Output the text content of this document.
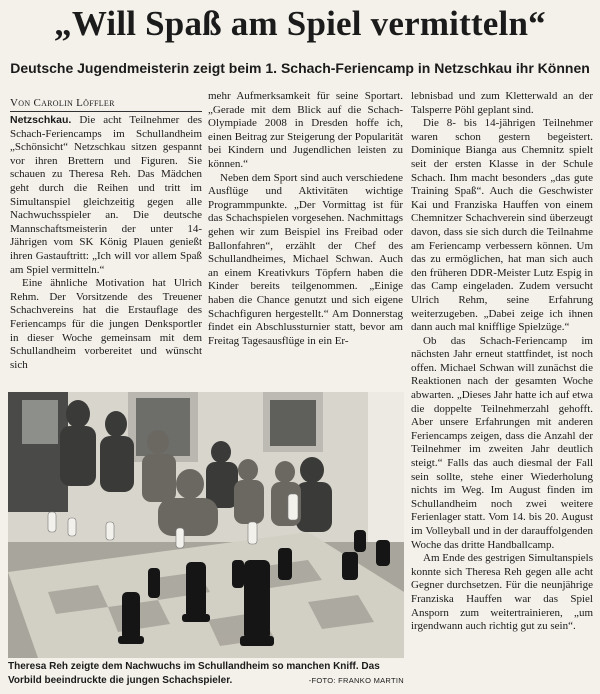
„Will Spaß am Spiel vermitteln“
Deutsche Jugendmeisterin zeigt beim 1. Schach-Feriencamp in Netzschkau ihr Können
Von Carolin Löffler

Netzschkau. Die acht Teilnehmer des Schach-Feriencamps im Schullandheim „Schönsicht“ Netzschkau sitzen gespannt vor ihren Brettern und Figuren. Sie schauen zu Theresa Reh. Das Mädchen geht durch die Reihen und tritt im Simultanspiel gleichzeitig gegen alle Nachwuchsspieler an. Die deutsche Mannschaftsmeisterin der unter 14-Jährigen vom SK König Plauen genießt ihren Gastauftritt: „Ich will vor allem Spaß am Spiel vermitteln.“

Eine ähnliche Motivation hat Ulrich Rehm. Der Vorsitzende des Treuener Schachvereins hat die Erstauflage des Feriencamps für die jungen Denksportler in dieser Woche gemeinsam mit dem Schullandheim vorbereitet und wünscht sich

mehr Aufmerksamkeit für seine Sportart. „Gerade mit dem Blick auf die Schach-Olympiade 2008 in Dresden hoffe ich, einen Beitrag zur Steigerung der Popularität bei Kindern und Jugendlichen leisten zu können.“

Neben dem Sport sind auch verschiedene Ausflüge und Aktivitäten wichtige Programmpunkte. „Der Vormittag ist für das Schachspielen vorgesehen. Nachmittags gehen wir zum Beispiel ins Freibad oder Ballonfahren“, erzählt der Chef des Schullandheimes, Michael Schwan. Auch an einem Kreativkurs Töpfern haben die Kinder bereits teilgenommen. „Einige haben die Chance genutzt und sich eigene Schachfiguren hergestellt.“ Am Donnerstag findet ein Abschlussturnier statt, bevor am Freitag Tagesausflüge in ein Er-

lebnisbad und zum Kletterwald an der Talsperre Pöhl geplant sind.

Die 8- bis 14-jährigen Teilnehmer waren schon gestern begeistert. Dominique Bianga aus Chemnitz spielt seit der ersten Klasse in der Schule Schach. Ihm macht besonders „das gute Training Spaß“. Auch die Geschwister Kai und Franziska Hauffen von einem Chemnitzer Schachverein sind überzeugt davon, dass sie sich durch die Teilnahme am Feriencamp verbessern können. Um das zu ermöglichen, hat man sich auch den früheren DDR-Meister Lutz Espig in das Camp eingeladen. Zudem versucht Ulrich Rehm, seine Erfahrung weiterzugeben. „Dabei zeige ich ihnen dann auch mal knifflige Spielzüge.“

Ob das Schach-Feriencamp im nächsten Jahr erneut stattfindet, ist noch offen. Michael Schwan will zunächst die Reaktionen nach der gesamten Woche abwarten. „Dieses Jahr hatte ich auf etwa die doppelte Teilnehmerzahl gehofft. Aber unsere Erfahrungen mit anderen Feriencamps zeigen, dass die Anzahl der Teilnehmer im zweiten Jahr deutlich steigt.“ Falls das auch diesmal der Fall sein sollte, stehe einer Wiederholung nichts im Weg. Im August finden im Schullandheim noch zwei weitere Ferienlager statt. Vom 14. bis 20. August im Volleyball und in der darauffolgenden Woche das dritte Handballcamp.

Am Ende des gestrigen Simultanspiels konnte sich Theresa Reh gegen alle acht Gegner durchsetzen. Für die neunjährige Franziska Hauffen war das Spiel Ansporn zum weitertrainieren, „um irgendwann auch richtig gut zu sein“.

Theresa Reh zeigte dem Nachwuchs im Schullandheim so manchen Kniff. Das Vorbild beeindruckte die jungen Schachspieler.	-FOTO: FRANKO MARTIN
